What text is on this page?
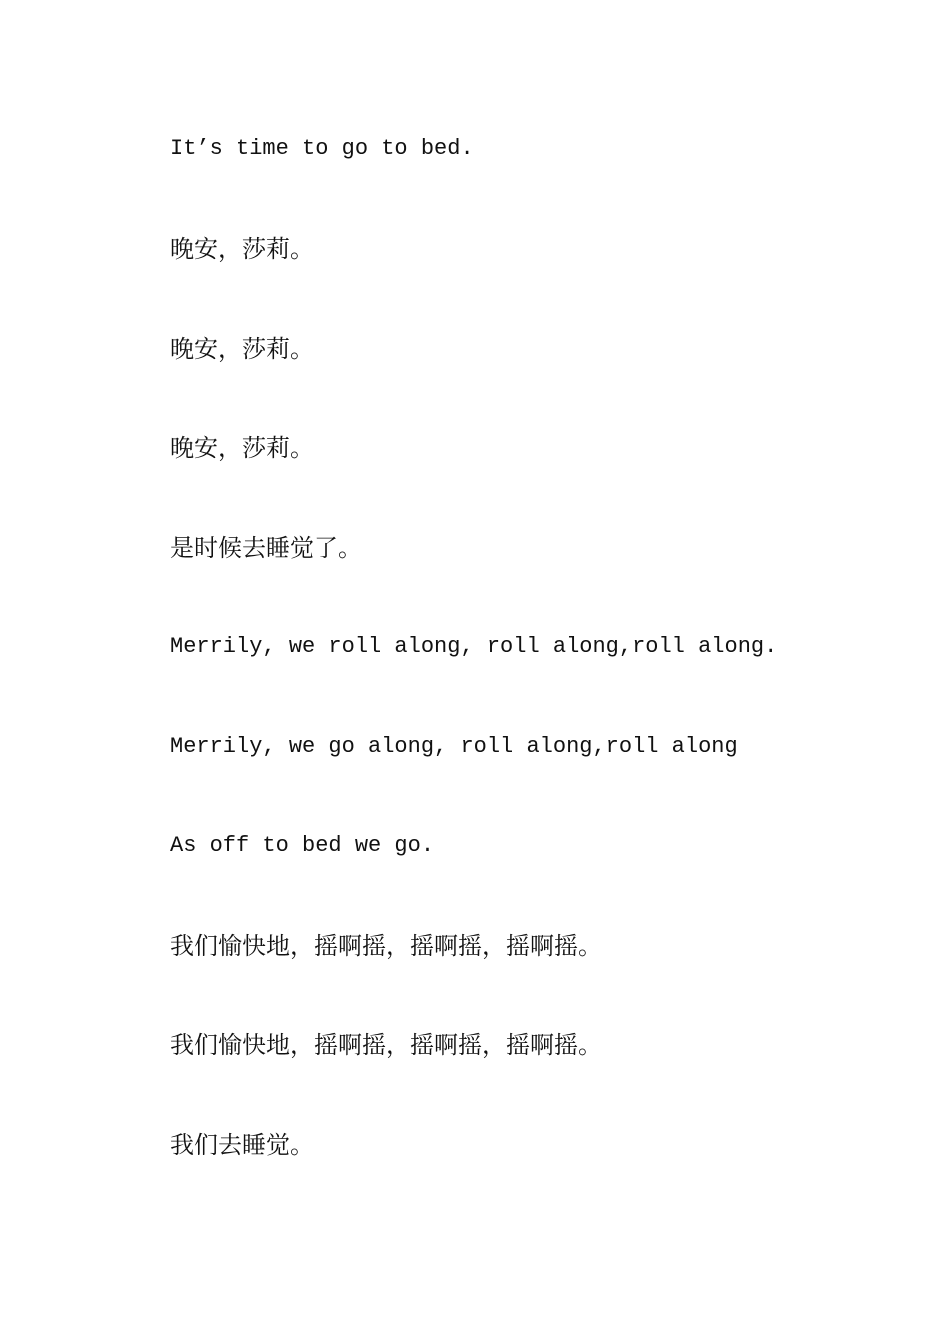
It’s time to go to bed.

晚安，莎莉。

晚安，莎莉。

晚安，莎莉。

是时候去睡觉了。

Merrily, we roll along, roll along,roll along.

Merrily, we go along, roll along,roll along

As off to bed we go.

我们愉快地，摇啊摇，摇啊摇，摇啊摇。

我们愉快地，摇啊摇，摇啊摇，摇啊摇。

我们去睡觉。
